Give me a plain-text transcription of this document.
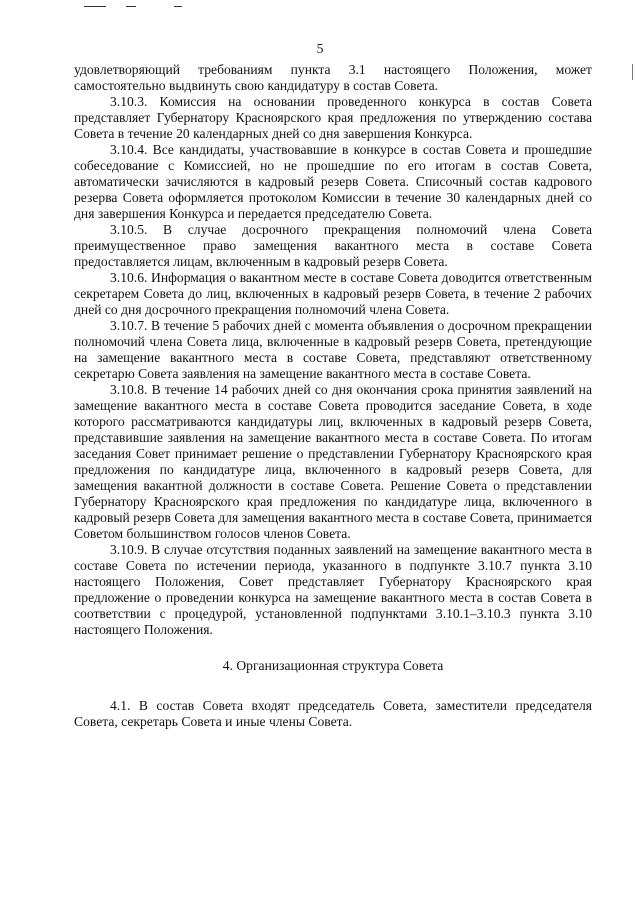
5

удовлетворяющий требованиям пункта 3.1 настоящего Положения, может самостоятельно выдвинуть свою кандидатуру в состав Совета.

3.10.3. Комиссия на основании проведенного конкурса в состав Совета представляет Губернатору Красноярского края предложения по утверждению состава Совета в течение 20 календарных дней со дня завершения Конкурса.

3.10.4. Все кандидаты, участвовавшие в конкурсе в состав Совета и прошедшие собеседование с Комиссией, но не прошедшие по его итогам в состав Совета, автоматически зачисляются в кадровый резерв Совета. Списочный состав кадрового резерва Совета оформляется протоколом Комиссии в течение 30 календарных дней со дня завершения Конкурса и передается председателю Совета.

3.10.5. В случае досрочного прекращения полномочий члена Совета преимущественное право замещения вакантного места в составе Совета предоставляется лицам, включенным в кадровый резерв Совета.

3.10.6. Информация о вакантном месте в составе Совета доводится ответственным секретарем Совета до лиц, включенных в кадровый резерв Совета, в течение 2 рабочих дней со дня досрочного прекращения полномочий члена Совета.

3.10.7. В течение 5 рабочих дней с момента объявления о досрочном прекращении полномочий члена Совета лица, включенные в кадровый резерв Совета, претендующие на замещение вакантного места в составе Совета, представляют ответственному секретарю Совета заявления на замещение вакантного места в составе Совета.

3.10.8. В течение 14 рабочих дней со дня окончания срока принятия заявлений на замещение вакантного места в составе Совета проводится заседание Совета, в ходе которого рассматриваются кандидатуры лиц, включенных в кадровый резерв Совета, представившие заявления на замещение вакантного места в составе Совета. По итогам заседания Совет принимает решение о представлении Губернатору Красноярского края предложения по кандидатуре лица, включенного в кадровый резерв Совета, для замещения вакантной должности в составе Совета. Решение Совета о представлении Губернатору Красноярского края предложения по кандидатуре лица, включенного в кадровый резерв Совета для замещения вакантного места в составе Совета, принимается Советом большинством голосов членов Совета.

3.10.9. В случае отсутствия поданных заявлений на замещение вакантного места в составе Совета по истечении периода, указанного в подпункте 3.10.7 пункта 3.10 настоящего Положения, Совет представляет Губернатору Красноярского края предложение о проведении конкурса на замещение вакантного места в состав Совета в соответствии с процедурой, установленной подпунктами 3.10.1–3.10.3 пункта 3.10 настоящего Положения.

4. Организационная структура Совета

4.1. В состав Совета входят председатель Совета, заместители председателя Совета, секретарь Совета и иные члены Совета.
